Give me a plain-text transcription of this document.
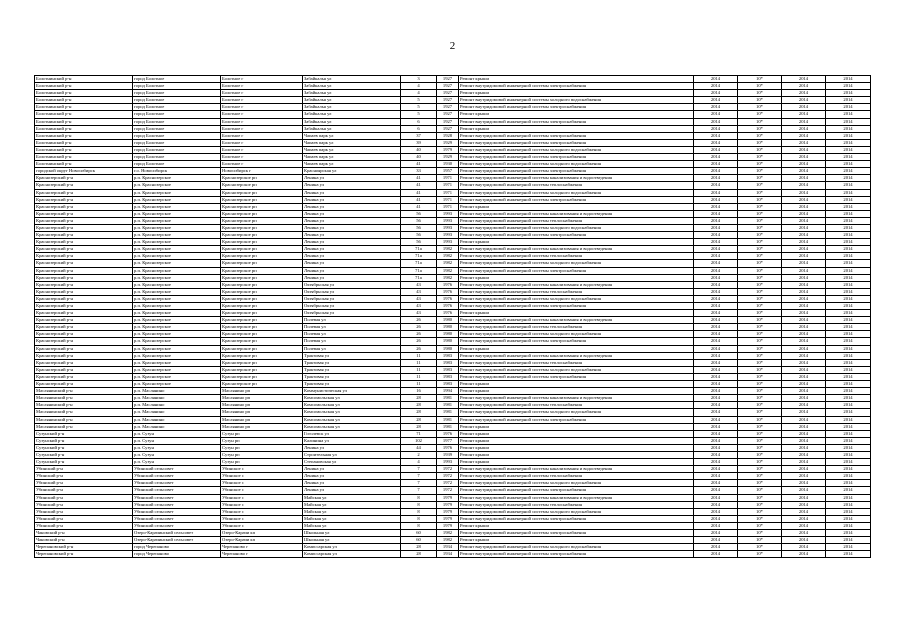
2
Болотнинский р-н	город Болотное	Болотное г	Забайкалья ул	3	1927	Ремонт крыши	2014	10*	2014	2014
Болотнинский р-н	город Болотное	Болотное г	Забайкалья ул	4	1927	Ремонт внутридомовой инженерной системы электроснабжения	2014	10*	2014	2014
Болотнинский р-н	город Болотное	Болотное г	Забайкалья ул	4	1927	Ремонт крыши	2014	10*	2014	2014
Болотнинский р-н	город Болотное	Болотное г	Забайкалья ул	5	1927	Ремонт внутридомовой инженерной системы холодного водоснабжения	2014	10*	2014	2014
Болотнинский р-н	город Болотное	Болотное г	Забайкалья ул	5	1927	Ремонт внутридомовой инженерной системы электроснабжения	2014	10*	2014	2014
Болотнинский р-н	город Болотное	Болотное г	Забайкалья ул	5	1927	Ремонт крыши	2014	10*	2014	2014
Болотнинский р-н	город Болотное	Болотное г	Забайкалья ул	6	1927	Ремонт внутридомовой инженерной системы электроснабжения	2014	10*	2014	2014
Болотнинский р-н	город Болотное	Болотное г	Забайкалья ул	6	1927	Ремонт крыши	2014	10*	2014	2014
Болотнинский р-н	город Болотное	Болотное г	Чапаев парк ул	37	1928	Ремонт внутридомовой инженерной системы электроснабжения	2014	10*	2014	2014
Болотнинский р-н	город Болотное	Болотное г	Чапаев парк ул	39	1929	Ремонт внутридомовой инженерной системы электроснабжения	2014	10*	2014	2014
Болотнинский р-н	город Болотное	Болотное г	Чапаев парк ул	40	1979	Ремонт внутридомовой инженерной системы холодного водоснабжения	2014	10*	2014	2014
Болотнинский р-н	город Болотное	Болотное г	Чапаев парк ул	40	1929	Ремонт внутридомовой инженерной системы электроснабжения	2014	10*	2014	2014
Болотнинский р-н	город Болотное	Болотное г	Чапаев парк ул	41	1930	Ремонт внутридомовой инженерной системы холодного водоснабжения	2014	10*	2014	2014
городской округ Новосибирск	г.о. Новосибирск	Новосибирск г	Красноярская ул	33	1957	Ремонт внутридомовой инженерной системы электроснабжения	2014	10*	2014	2014
Краснозерский р-н	р.п. Краснозерское	Краснозерское рп	Ленина ул	41	1971	Ремонт внутридомовой инженерной системы канализования и водоотведения	2014	10*	2014	2014
Краснозерский р-н	р.п. Краснозерское	Краснозерское рп	Ленина ул	41	1971	Ремонт внутридомовой инженерной системы теплоснабжения	2014	10*	2014	2014
Краснозерский р-н	р.п. Краснозерское	Краснозерское рп	Ленина ул	41	1971	Ремонт внутридомовой инженерной системы холодного водоснабжения	2014	10*	2014	2014
Краснозерский р-н	р.п. Краснозерское	Краснозерское рп	Ленина ул	41	1971	Ремонт внутридомовой инженерной системы электроснабжения	2014	10*	2014	2014
Краснозерский р-н	р.п. Краснозерское	Краснозерское рп	Ленина ул	41	1971	Ремонт крыши	2014	10*	2014	2014
Краснозерский р-н	р.п. Краснозерское	Краснозерское рп	Ленина ул	56	1993	Ремонт внутридомовой инженерной системы канализования и водоотведения	2014	10*	2014	2014
Краснозерский р-н	р.п. Краснозерское	Краснозерское рп	Ленина ул	56	1993	Ремонт внутридомовой инженерной системы теплоснабжения	2014	10*	2014	2014
Краснозерский р-н	р.п. Краснозерское	Краснозерское рп	Ленина ул	56	1993	Ремонт внутридомовой инженерной системы холодного водоснабжения	2014	10*	2014	2014
Краснозерский р-н	р.п. Краснозерское	Краснозерское рп	Ленина ул	56	1993	Ремонт внутридомовой инженерной системы электроснабжения	2014	10*	2014	2014
Краснозерский р-н	р.п. Краснозерское	Краснозерское рп	Ленина ул	56	1993	Ремонт крыши	2014	10*	2014	2014
Краснозерский р-н	р.п. Краснозерское	Краснозерское рп	Ленина ул	71а	1982	Ремонт внутридомовой инженерной системы канализования и водоотведения	2014	10*	2014	2014
Краснозерский р-н	р.п. Краснозерское	Краснозерское рп	Ленина ул	71а	1982	Ремонт внутридомовой инженерной системы теплоснабжения	2014	10*	2014	2014
Краснозерский р-н	р.п. Краснозерское	Краснозерское рп	Ленина ул	71а	1982	Ремонт внутридомовой инженерной системы холодного водоснабжения	2014	10*	2014	2014
Краснозерский р-н	р.п. Краснозерское	Краснозерское рп	Ленина ул	71а	1982	Ремонт внутридомовой инженерной системы электроснабжения	2014	10*	2014	2014
Краснозерский р-н	р.п. Краснозерское	Краснозерское рп	Ленина ул	71а	1982	Ремонт крыши	2014	10*	2014	2014
Краснозерский р-н	р.п. Краснозерское	Краснозерское рп	Октябрьская ул	43	1976	Ремонт внутридомовой инженерной системы канализования и водоотведения	2014	10*	2014	2014
Краснозерский р-н	р.п. Краснозерское	Краснозерское рп	Октябрьская ул	43	1976	Ремонт внутридомовой инженерной системы теплоснабжения	2014	10*	2014	2014
Краснозерский р-н	р.п. Краснозерское	Краснозерское рп	Октябрьская ул	43	1976	Ремонт внутридомовой инженерной системы холодного водоснабжения	2014	10*	2014	2014
Краснозерский р-н	р.п. Краснозерское	Краснозерское рп	Октябрьская ул	43	1976	Ремонт внутридомовой инженерной системы электроснабжения	2014	10*	2014	2014
Краснозерский р-н	р.п. Краснозерское	Краснозерское рп	Октябрьская ул	43	1976	Ремонт крыши	2014	10*	2014	2014
Краснозерский р-н	р.п. Краснозерское	Краснозерское рп	Полевая ул	26	1980	Ремонт внутридомовой инженерной системы канализования и водоотведения	2014	10*	2014	2014
Краснозерский р-н	р.п. Краснозерское	Краснозерское рп	Полевая ул	26	1980	Ремонт внутридомовой инженерной системы теплоснабжения	2014	10*	2014	2014
Краснозерский р-н	р.п. Краснозерское	Краснозерское рп	Полевая ул	26	1980	Ремонт внутридомовой инженерной системы холодного водоснабжения	2014	10*	2014	2014
Краснозерский р-н	р.п. Краснозерское	Краснозерское рп	Полевая ул	26	1980	Ремонт внутридомовой инженерной системы электроснабжения	2014	10*	2014	2014
Краснозерский р-н	р.п. Краснозерское	Краснозерское рп	Полевая ул	26	1980	Ремонт крыши	2014	10*	2014	2014
Краснозерский р-н	р.п. Краснозерское	Краснозерское рп	Трактовая ул	11	1983	Ремонт внутридомовой инженерной системы канализования и водоотведения	2014	10*	2014	2014
Краснозерский р-н	р.п. Краснозерское	Краснозерское рп	Трактовая ул	11	1983	Ремонт внутридомовой инженерной системы теплоснабжения	2014	10*	2014	2014
Краснозерский р-н	р.п. Краснозерское	Краснозерское рп	Трактовая ул	11	1983	Ремонт внутридомовой инженерной системы холодного водоснабжения	2014	10*	2014	2014
Краснозерский р-н	р.п. Краснозерское	Краснозерское рп	Трактовая ул	11	1983	Ремонт внутридомовой инженерной системы электроснабжения	2014	10*	2014	2014
Краснозерский р-н	р.п. Краснозерское	Краснозерское рп	Трактовая ул	11	1983	Ремонт крыши	2014	10*	2014	2014
Маслянинский р-н	р.п. Маслянино	Маслянино рп	Коммунистическая ул	16	1994	Ремонт крыши	2014	10*	2014	2014
Маслянинский р-н	р.п. Маслянино	Маслянино рп	Комсомольская ул	28	1981	Ремонт внутридомовой инженерной системы канализования и водоотведения	2014	10*	2014	2014
Маслянинский р-н	р.п. Маслянино	Маслянино рп	Комсомольская ул	28	1981	Ремонт внутридомовой инженерной системы теплоснабжения	2014	10*	2014	2014
Маслянинский р-н	р.п. Маслянино	Маслянино рп	Комсомольская ул	28	1981	Ремонт внутридомовой инженерной системы холодного водоснабжения	2014	10*	2014	2014
Маслянинский р-н	р.п. Маслянино	Маслянино рп	Комсомольская ул	28	1981	Ремонт внутридомовой инженерной системы электроснабжения	2014	10*	2014	2014
Маслянинский р-н	р.п. Маслянино	Маслянино рп	Комсомольская ул	28	1981	Ремонт крыши	2014	10*	2014	2014
Сузунский р-н	р.п. Сузун	Сузун рп	Гоголевск ул	71	1976	Ремонт крыши	2014	10*	2014	2014
Сузунский р-н	р.п. Сузун	Сузун рп	Калинина ул	102	1977	Ремонт крыши	2014	10*	2014	2014
Сузунский р-н	р.п. Сузун	Сузун рп	Ленина ул	44	1976	Ремонт крыши	2014	10*	2014	2014
Сузунский р-н	р.п. Сузун	Сузун рп	Строительная ул	2	1939	Ремонт крыши	2014	10*	2014	2014
Сузунский р-н	р.п. Сузун	Сузун рп	Степановская ул	4	1993	Ремонт крыши	2014	10*	2014	2014
Убинский р-н	Убинский сельсовет	Убинское с	Ленина ул	7	1972	Ремонт внутридомовой инженерной системы канализования и водоотведения	2014	10*	2014	2014
Убинский р-н	Убинский сельсовет	Убинское с	Ленина ул	7	1972	Ремонт внутридомовой инженерной системы теплоснабжения	2014	10*	2014	2014
Убинский р-н	Убинский сельсовет	Убинское с	Ленина ул	7	1972	Ремонт внутридомовой инженерной системы холодного водоснабжения	2014	10*	2014	2014
Убинский р-н	Убинский сельсовет	Убинское с	Ленина ул	7	1972	Ремонт внутридомовой инженерной системы электроснабжения	2014	10*	2014	2014
Убинский р-н	Убинский сельсовет	Убинское с	Майская ул	8	1979	Ремонт внутридомовой инженерной системы канализования и водоотведения	2014	10*	2014	2014
Убинский р-н	Убинский сельсовет	Убинское с	Майская ул	8	1979	Ремонт внутридомовой инженерной системы теплоснабжения	2014	10*	2014	2014
Убинский р-н	Убинский сельсовет	Убинское с	Майская ул	8	1979	Ремонт внутридомовой инженерной системы холодного водоснабжения	2014	10*	2014	2014
Убинский р-н	Убинский сельсовет	Убинское с	Майская ул	8	1979	Ремонт внутридомовой инженерной системы электроснабжения	2014	10*	2014	2014
Убинский р-н	Убинский сельсовет	Убинское с	Майская ул	8	1979	Ремонт крыши	2014	10*	2014	2014
Чановский р-н	Озеро-Карачинский сельсовет	Озеро-Карачи кп	Школьная ул	60	1982	Ремонт внутридомовой инженерной системы электроснабжения	2014	10*	2014	2014
Чановский р-н	Озеро-Карачинский сельсовет	Озеро-Карачи кп	Школьная ул	60	1982	Ремонт крыши	2014	10*	2014	2014
Черепановский р-н	город Черепаново	Черепаново г	Комиссарская ул	28	1934	Ремонт внутридомовой инженерной системы холодного водоснабжения	2014	10*	2014	2014
Черепановский р-н	город Черепаново	Черепаново г	Комиссарская ул	28	1934	Ремонт внутридомовой инженерной системы электроснабжения	2014	10*	2014	2014
